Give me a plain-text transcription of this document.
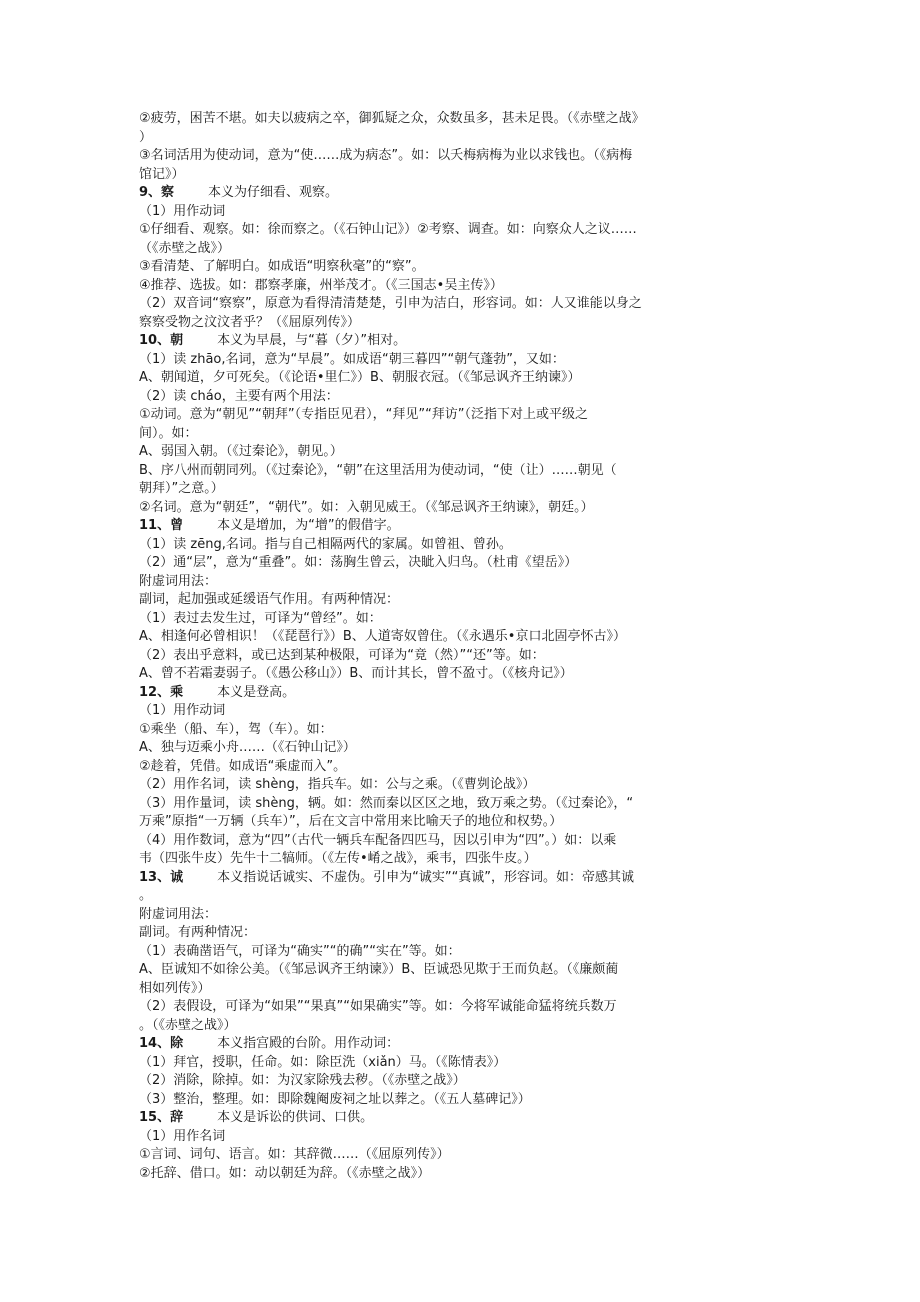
②疲劳，困苦不堪。如夫以疲病之卒，御狐疑之众，众数虽多，甚未足畏。（《赤壁之战》
）
③名词活用为使动词，意为“使……成为病态”。如：以夭梅病梅为业以求钱也。（《病梅
馆记》）
9、察	本义为仔细看、观察。
（1）用作动词
①仔细看、观察。如：徐而察之。（《石钟山记》）②考察、调查。如：向察众人之议……
（《赤壁之战》）
③看清楚、了解明白。如成语“明察秋毫”的“察”。
④推荐、选拔。如：郡察孝廉，州举茂才。（《三国志•吴主传》）
（2）双音词“察察”，原意为看得清清楚楚，引申为洁白，形容词。如：人又谁能以身之
察察受物之汶汶者乎？（《屈原列传》）
10、朝	本义为早晨，与“暮（夕）”相对。
（1）读 zhāo,名词，意为“早晨”。如成语“朝三暮四”“朝气蓬勃”，又如：
A、朝闻道，夕可死矣。（《论语•里仁》）B、朝服衣冠。（《邹忌讽齐王纳谏》）
（2）读 cháo，主要有两个用法：
①动词。意为“朝见”“朝拜”（专指臣见君），“拜见”“拜访”（泛指下对上或平级之
间）。如：
A、弱国入朝。（《过秦论》，朝见。）
B、序八州而朝同列。（《过秦论》，“朝”在这里活用为使动词，“使（让）……朝见（
朝拜）”之意。）
②名词。意为“朝廷”，“朝代”。如：入朝见威王。（《邹忌讽齐王纳谏》，朝廷。）
11、曾	本义是增加，为“增”的假借字。
（1）读 zēng,名词。指与自己相隔两代的家属。如曾祖、曾孙。
（2）通“层”，意为“重叠”。如：荡胸生曾云，决眦入归鸟。（杜甫《望岳》）
附虚词用法：
副词，起加强或延缓语气作用。有两种情况：
（1）表过去发生过，可译为“曾经”。如：
A、相逢何必曾相识！（《琵琶行》）B、人道寄奴曾住。（《永遇乐•京口北固亭怀古》）
（2）表出乎意料，或已达到某种极限，可译为“竟（然）”“还”等。如：
A、曾不若霜妻弱子。（《愚公移山》）B、而计其长，曾不盈寸。（《核舟记》）
12、乘	本义是登高。
（1）用作动词
①乘坐（船、车），驾（车）。如：
A、独与迈乘小舟……（《石钟山记》）
②趁着，凭借。如成语“乘虚而入”。
（2）用作名词，读 shèng，指兵车。如：公与之乘。（《曹刿论战》）
（3）用作量词，读 shèng，辆。如：然而秦以区区之地，致万乘之势。（《过秦论》，“
万乘”原指“一万辆（兵车）”，后在文言中常用来比喻天子的地位和权势。）
（4）用作数词，意为“四”（古代一辆兵车配备四匹马，因以引申为“四”。）如：以乘
韦（四张牛皮）先牛十二犒师。（《左传•崤之战》，乘韦，四张牛皮。）
13、诚	本义指说话诚实、不虚伪。引申为“诚实”“真诚”，形容词。如：帝感其诚
。
附虚词用法：
副词。有两种情况：
（1）表确凿语气，可译为“确实”“的确”“实在”等。如：
A、臣诚知不如徐公美。（《邹忌讽齐王纳谏》）B、臣诚恐见欺于王而负赵。（《廉颇蔺
相如列传》）
（2）表假设，可译为“如果”“果真”“如果确实”等。如：今将军诚能命猛将统兵数万
。（《赤壁之战》）
14、除	本义指宫殿的台阶。用作动词：
（1）拜官，授职，任命。如：除臣洗（xiǎn）马。（《陈情表》）
（2）消除，除掉。如：为汉家除残去秽。（《赤壁之战》）
（3）整治，整理。如：即除魏阉废祠之址以葬之。（《五人墓碑记》）
15、辞	本义是诉讼的供词、口供。
（1）用作名词
①言词、词句、语言。如：其辞微……（《屈原列传》）
②托辞、借口。如：动以朝廷为辞。（《赤壁之战》）
